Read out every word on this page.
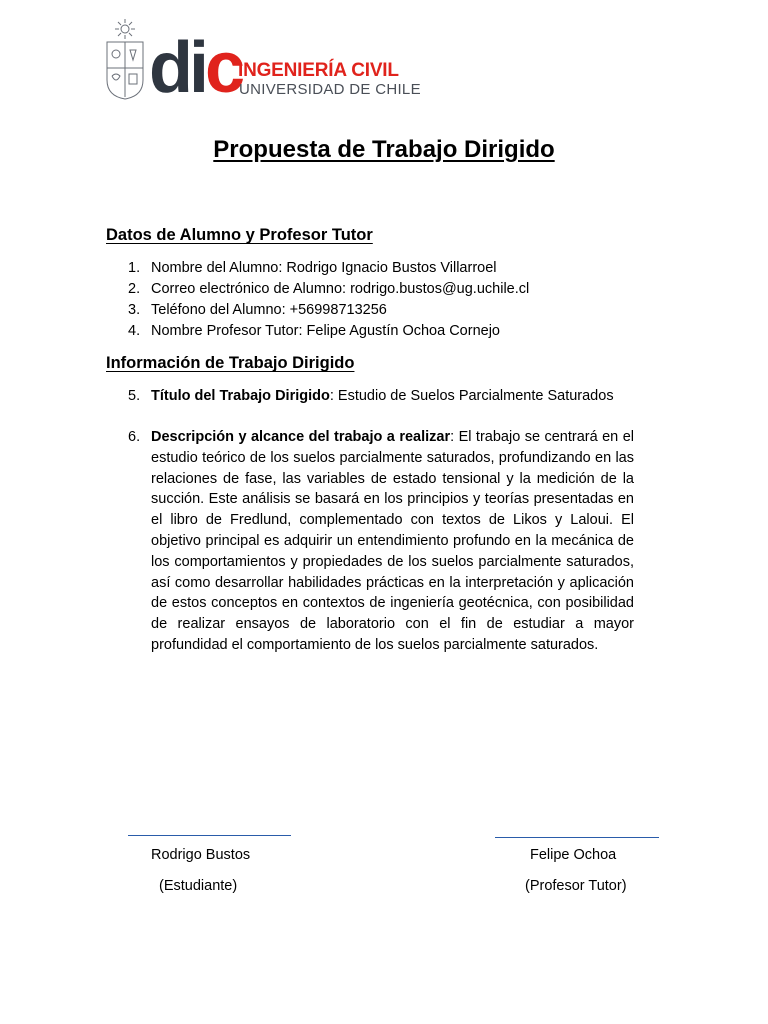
dic
INGENIERÍA CIVIL
UNIVERSIDAD DE CHILE
Propuesta de Trabajo Dirigido
Datos de Alumno y Profesor Tutor
1. Nombre del Alumno: Rodrigo Ignacio Bustos Villarroel
2. Correo electrónico de Alumno: rodrigo.bustos@ug.uchile.cl
3. Teléfono del Alumno: +56998713256
4. Nombre Profesor Tutor: Felipe Agustín Ochoa Cornejo
Información de Trabajo Dirigido
5. Título del Trabajo Dirigido: Estudio de Suelos Parcialmente Saturados
6. Descripción y alcance del trabajo a realizar: El trabajo se centrará en el estudio teórico de los suelos parcialmente saturados, profundizando en las relaciones de fase, las variables de estado tensional y la medición de la succión. Este análisis se basará en los principios y teorías presentadas en el libro de Fredlund, complementado con textos de Likos y Laloui. El objetivo principal es adquirir un entendimiento profundo en la mecánica de los comportamientos y propiedades de los suelos parcialmente saturados, así como desarrollar habilidades prácticas en la interpretación y aplicación de estos conceptos en contextos de ingeniería geotécnica, con posibilidad de realizar ensayos de laboratorio con el fin de estudiar a mayor profundidad el comportamiento de los suelos parcialmente saturados.

Rodrigo Bustos
(Estudiante)
Felipe Ochoa
(Profesor Tutor)
